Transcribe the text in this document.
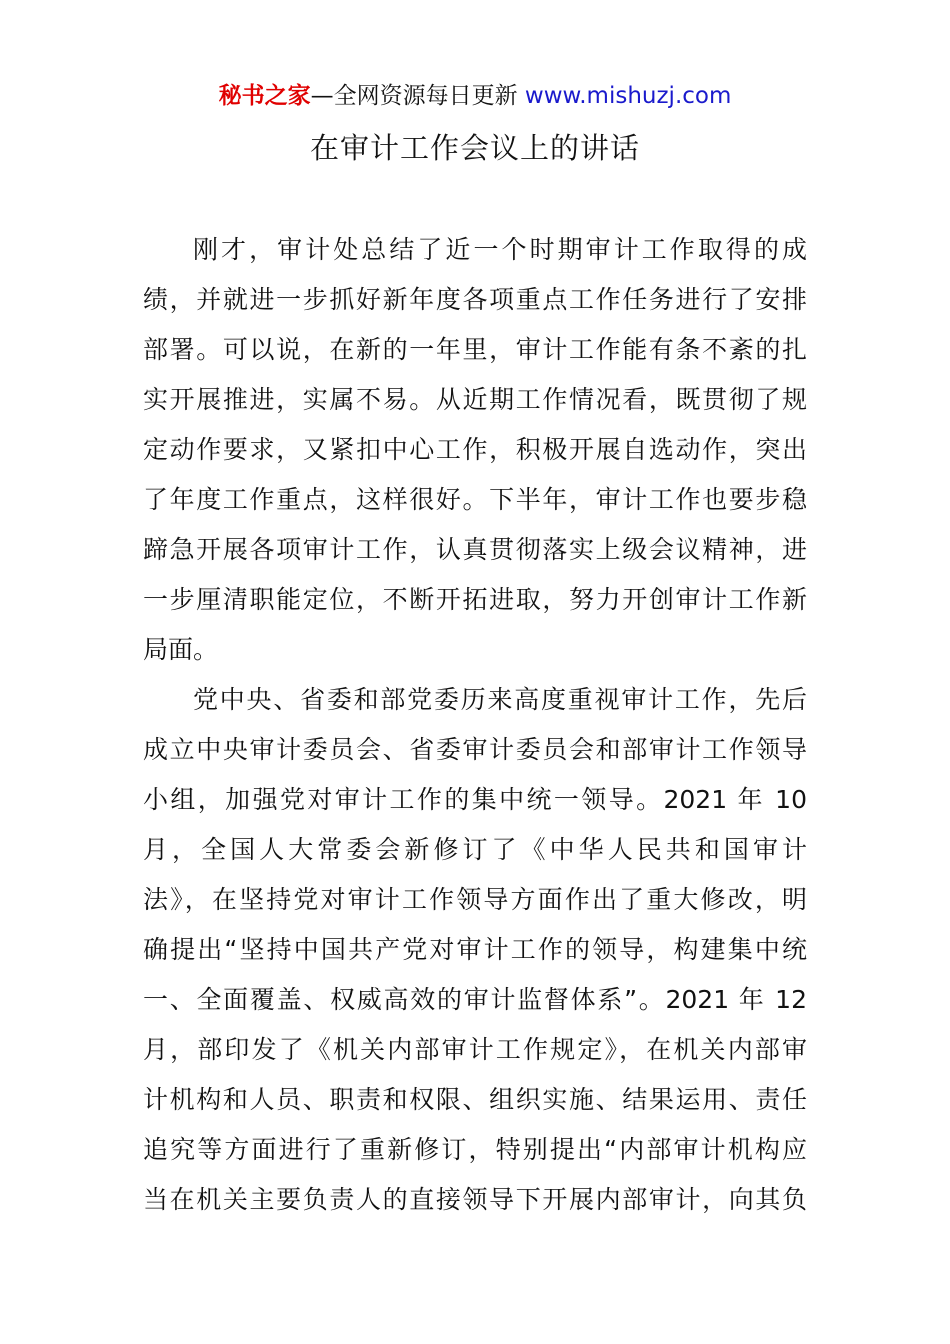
秘书之家—全网资源每日更新 www.mishuzj.com
在审计工作会议上的讲话
刚才，审计处总结了近一个时期审计工作取得的成
绩，并就进一步抓好新年度各项重点工作任务进行了安排
部署。可以说，在新的一年里，审计工作能有条不紊的扎
实开展推进，实属不易。从近期工作情况看，既贯彻了规
定动作要求，又紧扣中心工作，积极开展自选动作，突出
了年度工作重点，这样很好。下半年，审计工作也要步稳
蹄急开展各项审计工作，认真贯彻落实上级会议精神，进
一步厘清职能定位，不断开拓进取，努力开创审计工作新
局面。
党中央、省委和部党委历来高度重视审计工作，先后
成立中央审计委员会、省委审计委员会和部审计工作领导
小组，加强党对审计工作的集中统一领导。2021 年 10
月，全国人大常委会新修订了《中华人民共和国审计
法》，在坚持党对审计工作领导方面作出了重大修改，明
确提出“坚持中国共产党对审计工作的领导，构建集中统
一、全面覆盖、权威高效的审计监督体系”。2021 年 12
月，部印发了《机关内部审计工作规定》，在机关内部审
计机构和人员、职责和权限、组织实施、结果运用、责任
追究等方面进行了重新修订，特别提出“内部审计机构应
当在机关主要负责人的直接领导下开展内部审计，向其负
